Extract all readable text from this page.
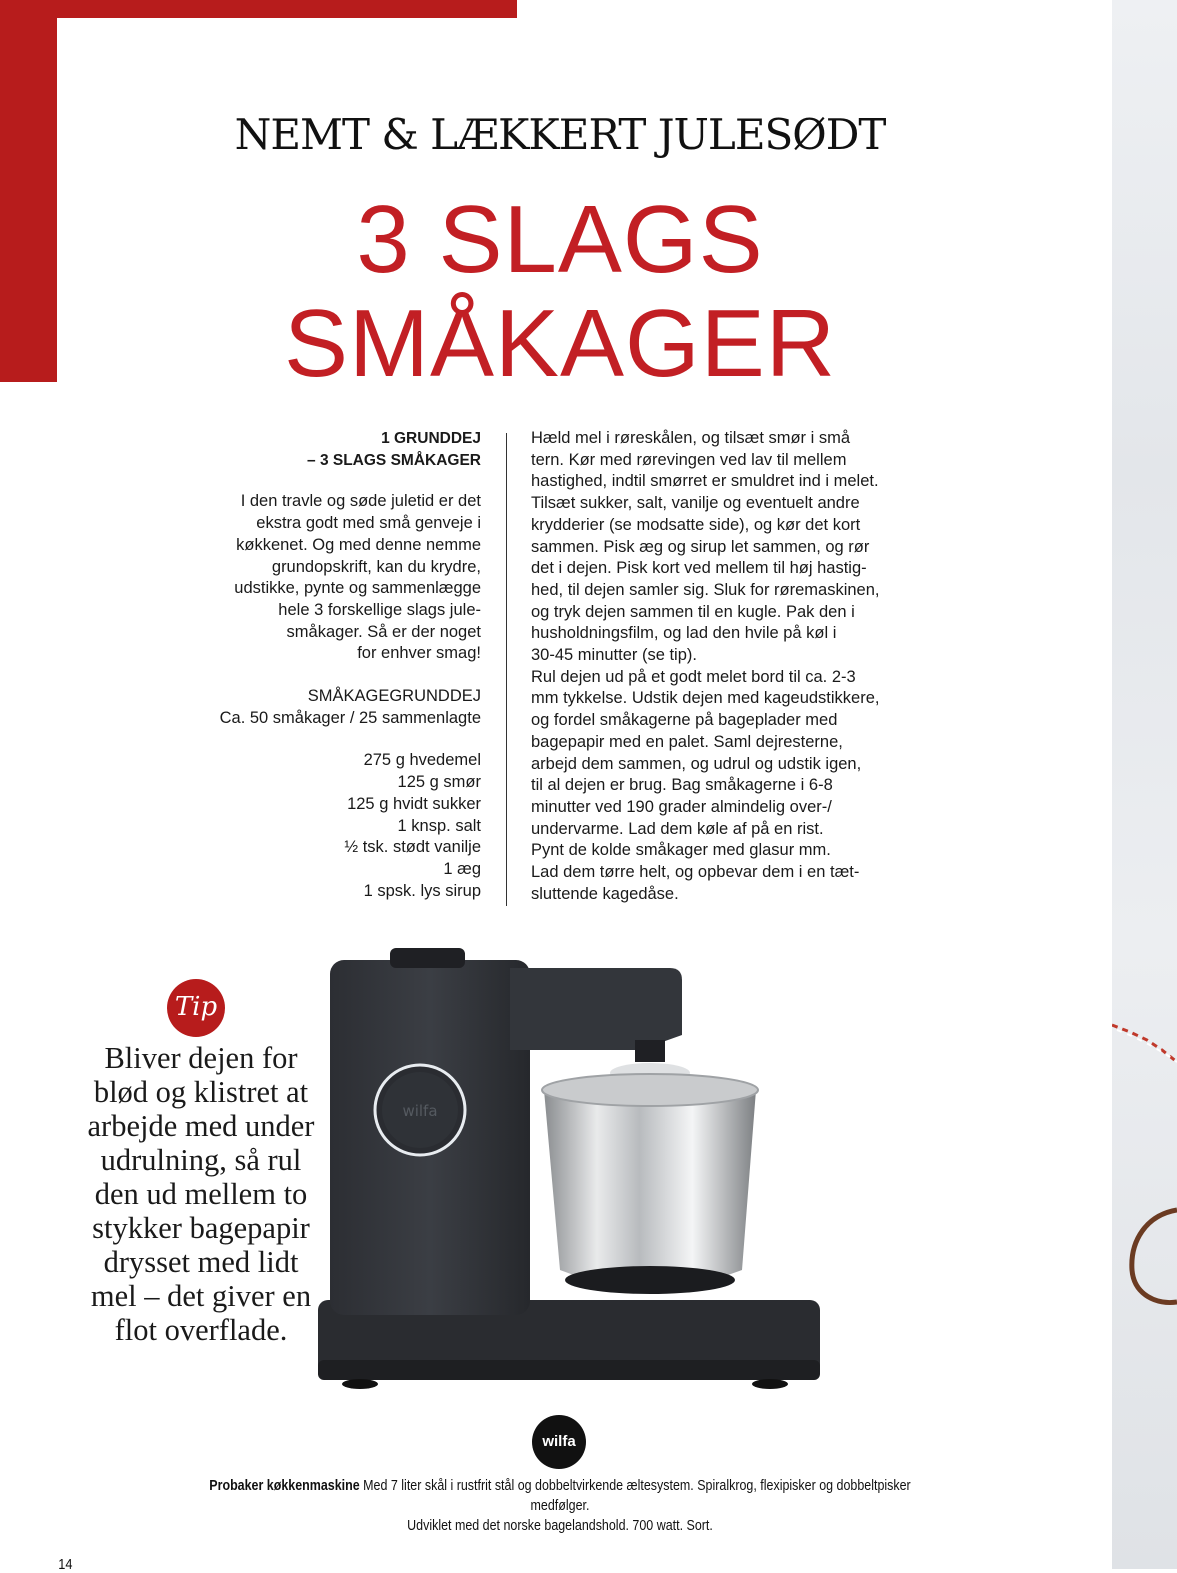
NEMT & LÆKKERT JULESØDT
3 SLAGS
SMÅKAGER
1 GRUNDDEJ
– 3 SLAGS SMÅKAGER
I den travle og søde juletid er det
ekstra godt med små genveje i
køkkenet. Og med denne nemme
grundopskrift, kan du krydre,
udstikke, pynte og sammenlægge
hele 3 forskellige slags jule-
småkager. Så er der noget
for enhver smag!
SMÅKAGEGRUNDDEJ
Ca. 50 småkager / 25 sammenlagte
275 g hvedemel
125 g smør
125 g hvidt sukker
1 knsp. salt
½ tsk. stødt vanilje
1 æg
1 spsk. lys sirup

Hæld mel i røreskålen, og tilsæt smør i små

tern. Kør med rørevingen ved lav til mellem

hastighed, indtil smørret er smuldret ind i melet.

Tilsæt sukker, salt, vanilje og eventuelt andre

krydderier (se modsatte side), og kør det kort

sammen. Pisk æg og sirup let sammen, og rør

det i dejen. Pisk kort ved mellem til høj hastig-

hed, til dejen samler sig. Sluk for røremaskinen,

og tryk dejen sammen til en kugle. Pak den i

husholdningsfilm, og lad den hvile på køl i

30-45 minutter (se tip).

Rul dejen ud på et godt melet bord til ca. 2-3

mm tykkelse. Udstik dejen med kageudstikkere,

og fordel småkagerne på bageplader med

bagepapir med en palet. Saml dejresterne,

arbejd dem sammen, og udrul og udstik igen,

til al dejen er brug. Bag småkagerne i 6-8

minutter ved 190 grader almindelig over-/

undervarme. Lad dem køle af på en rist.

Pynt de kolde småkager med glasur mm.

Lad dem tørre helt, og opbevar dem i en tæt-

sluttende kagedåse.

Tip
Bliver dejen for
blød og klistret at
arbejde med under
udrulning, så rul
den ud mellem to
stykker bagepapir
drysset med lidt
mel – det giver en
flot overflade.
wilfa
wilfa
Probaker køkkenmaskine Med 7 liter skål i rustfrit stål og dobbeltvirkende æltesystem. Spiralkrog, flexipisker og dobbeltpisker medfølger.
Udviklet med det norske bagelandshold. 700 watt. Sort.
14
